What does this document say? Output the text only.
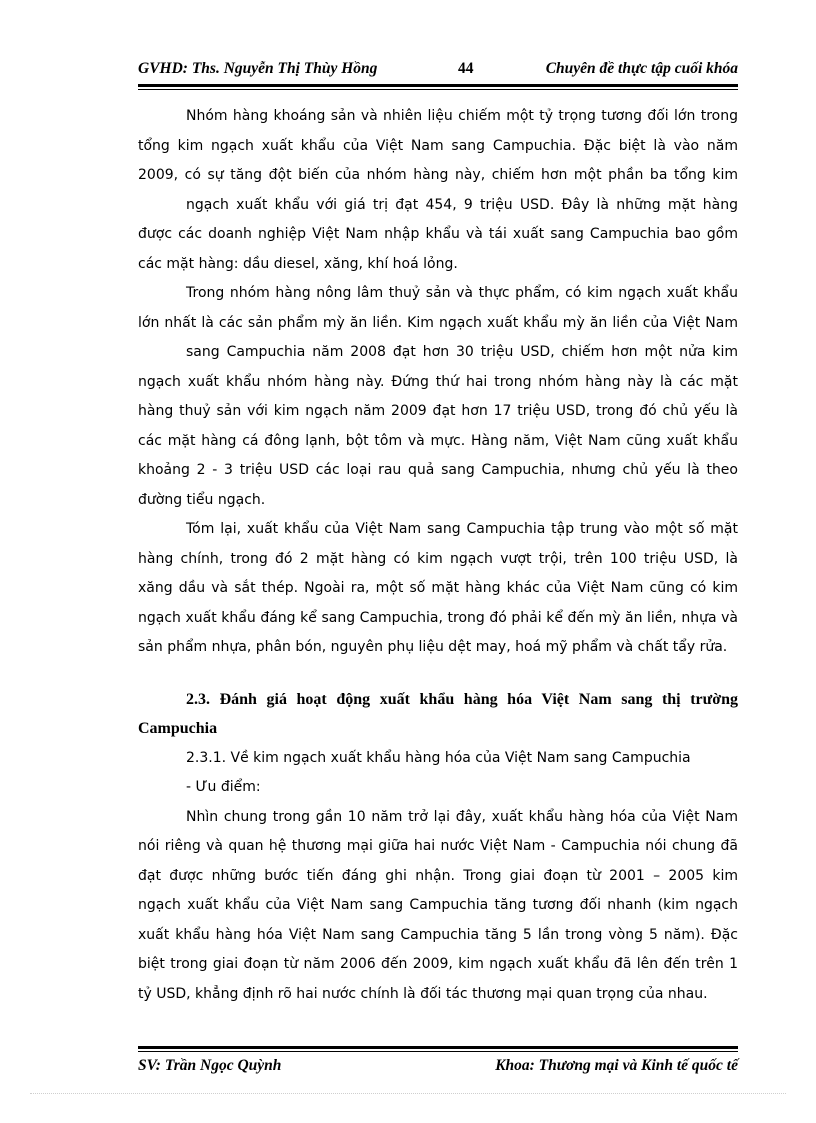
GVHD: Ths. Nguyễn Thị Thùy Hồng	44	Chuyên đề thực tập cuối khóa
Nhóm hàng khoáng sản và nhiên liệu chiếm một tỷ trọng tương đối lớn trong
tổng kim ngạch xuất khẩu của Việt Nam sang Campuchia. Đặc biệt là vào năm
2009, có sự tăng đột biến của nhóm hàng này, chiếm hơn một phần ba tổng kim
ngạch xuất khẩu với giá trị đạt 454, 9 triệu USD. Đây là những mặt hàng
được các doanh nghiệp Việt Nam nhập khẩu và tái xuất sang Campuchia bao gồm
các mặt hàng: dầu diesel, xăng, khí hoá lỏng.
Trong nhóm hàng nông lâm thuỷ sản và thực phẩm, có kim ngạch xuất khẩu
lớn nhất là các sản phẩm mỳ ăn liền. Kim ngạch xuất khẩu mỳ ăn liền của Việt Nam
sang Campuchia năm 2008 đạt hơn 30 triệu USD, chiếm hơn một nửa kim
ngạch xuất khẩu nhóm hàng này. Đứng thứ hai trong nhóm hàng này là các mặt
hàng thuỷ sản với kim ngạch năm 2009 đạt hơn 17 triệu USD, trong đó chủ yếu là
các mặt hàng cá đông lạnh, bột tôm và mực. Hàng năm, Việt Nam cũng xuất khẩu
khoảng 2 - 3 triệu USD các loại rau quả sang Campuchia, nhưng chủ yếu là theo
đường tiểu ngạch.
Tóm lại, xuất khẩu của Việt Nam sang Campuchia tập trung vào một số mặt
hàng chính, trong đó 2 mặt hàng có kim ngạch vượt trội, trên 100 triệu USD, là
xăng dầu và sắt thép. Ngoài ra, một số mặt hàng khác của Việt Nam cũng có kim
ngạch xuất khẩu đáng kể sang Campuchia, trong đó phải kể đến mỳ ăn liền, nhựa và
sản phẩm nhựa, phân bón, nguyên phụ liệu dệt may, hoá mỹ phẩm và chất tẩy rửa.
2.3. Đánh giá hoạt động xuất khẩu hàng hóa Việt Nam sang thị trường
Campuchia
2.3.1. Về kim ngạch xuất khẩu hàng hóa của Việt Nam sang Campuchia
- Ưu điểm:
Nhìn chung trong gần 10 năm trở lại đây, xuất khẩu hàng hóa của Việt Nam
nói riêng và quan hệ thương mại giữa hai nước Việt Nam - Campuchia nói chung đã
đạt được những bước tiến đáng ghi nhận. Trong giai đoạn từ 2001 – 2005 kim
ngạch xuất khẩu của Việt Nam sang Campuchia tăng tương đối nhanh (kim ngạch
xuất khẩu hàng hóa Việt Nam sang Campuchia tăng 5 lần trong vòng 5 năm). Đặc
biệt trong giai đoạn từ năm 2006 đến 2009, kim ngạch xuất khẩu đã lên đến trên 1
tỷ USD, khẳng định rõ hai nước chính là đối tác thương mại quan trọng của nhau.
SV: Trần Ngọc Quỳnh	Khoa: Thương mại và Kinh tế quốc tế
